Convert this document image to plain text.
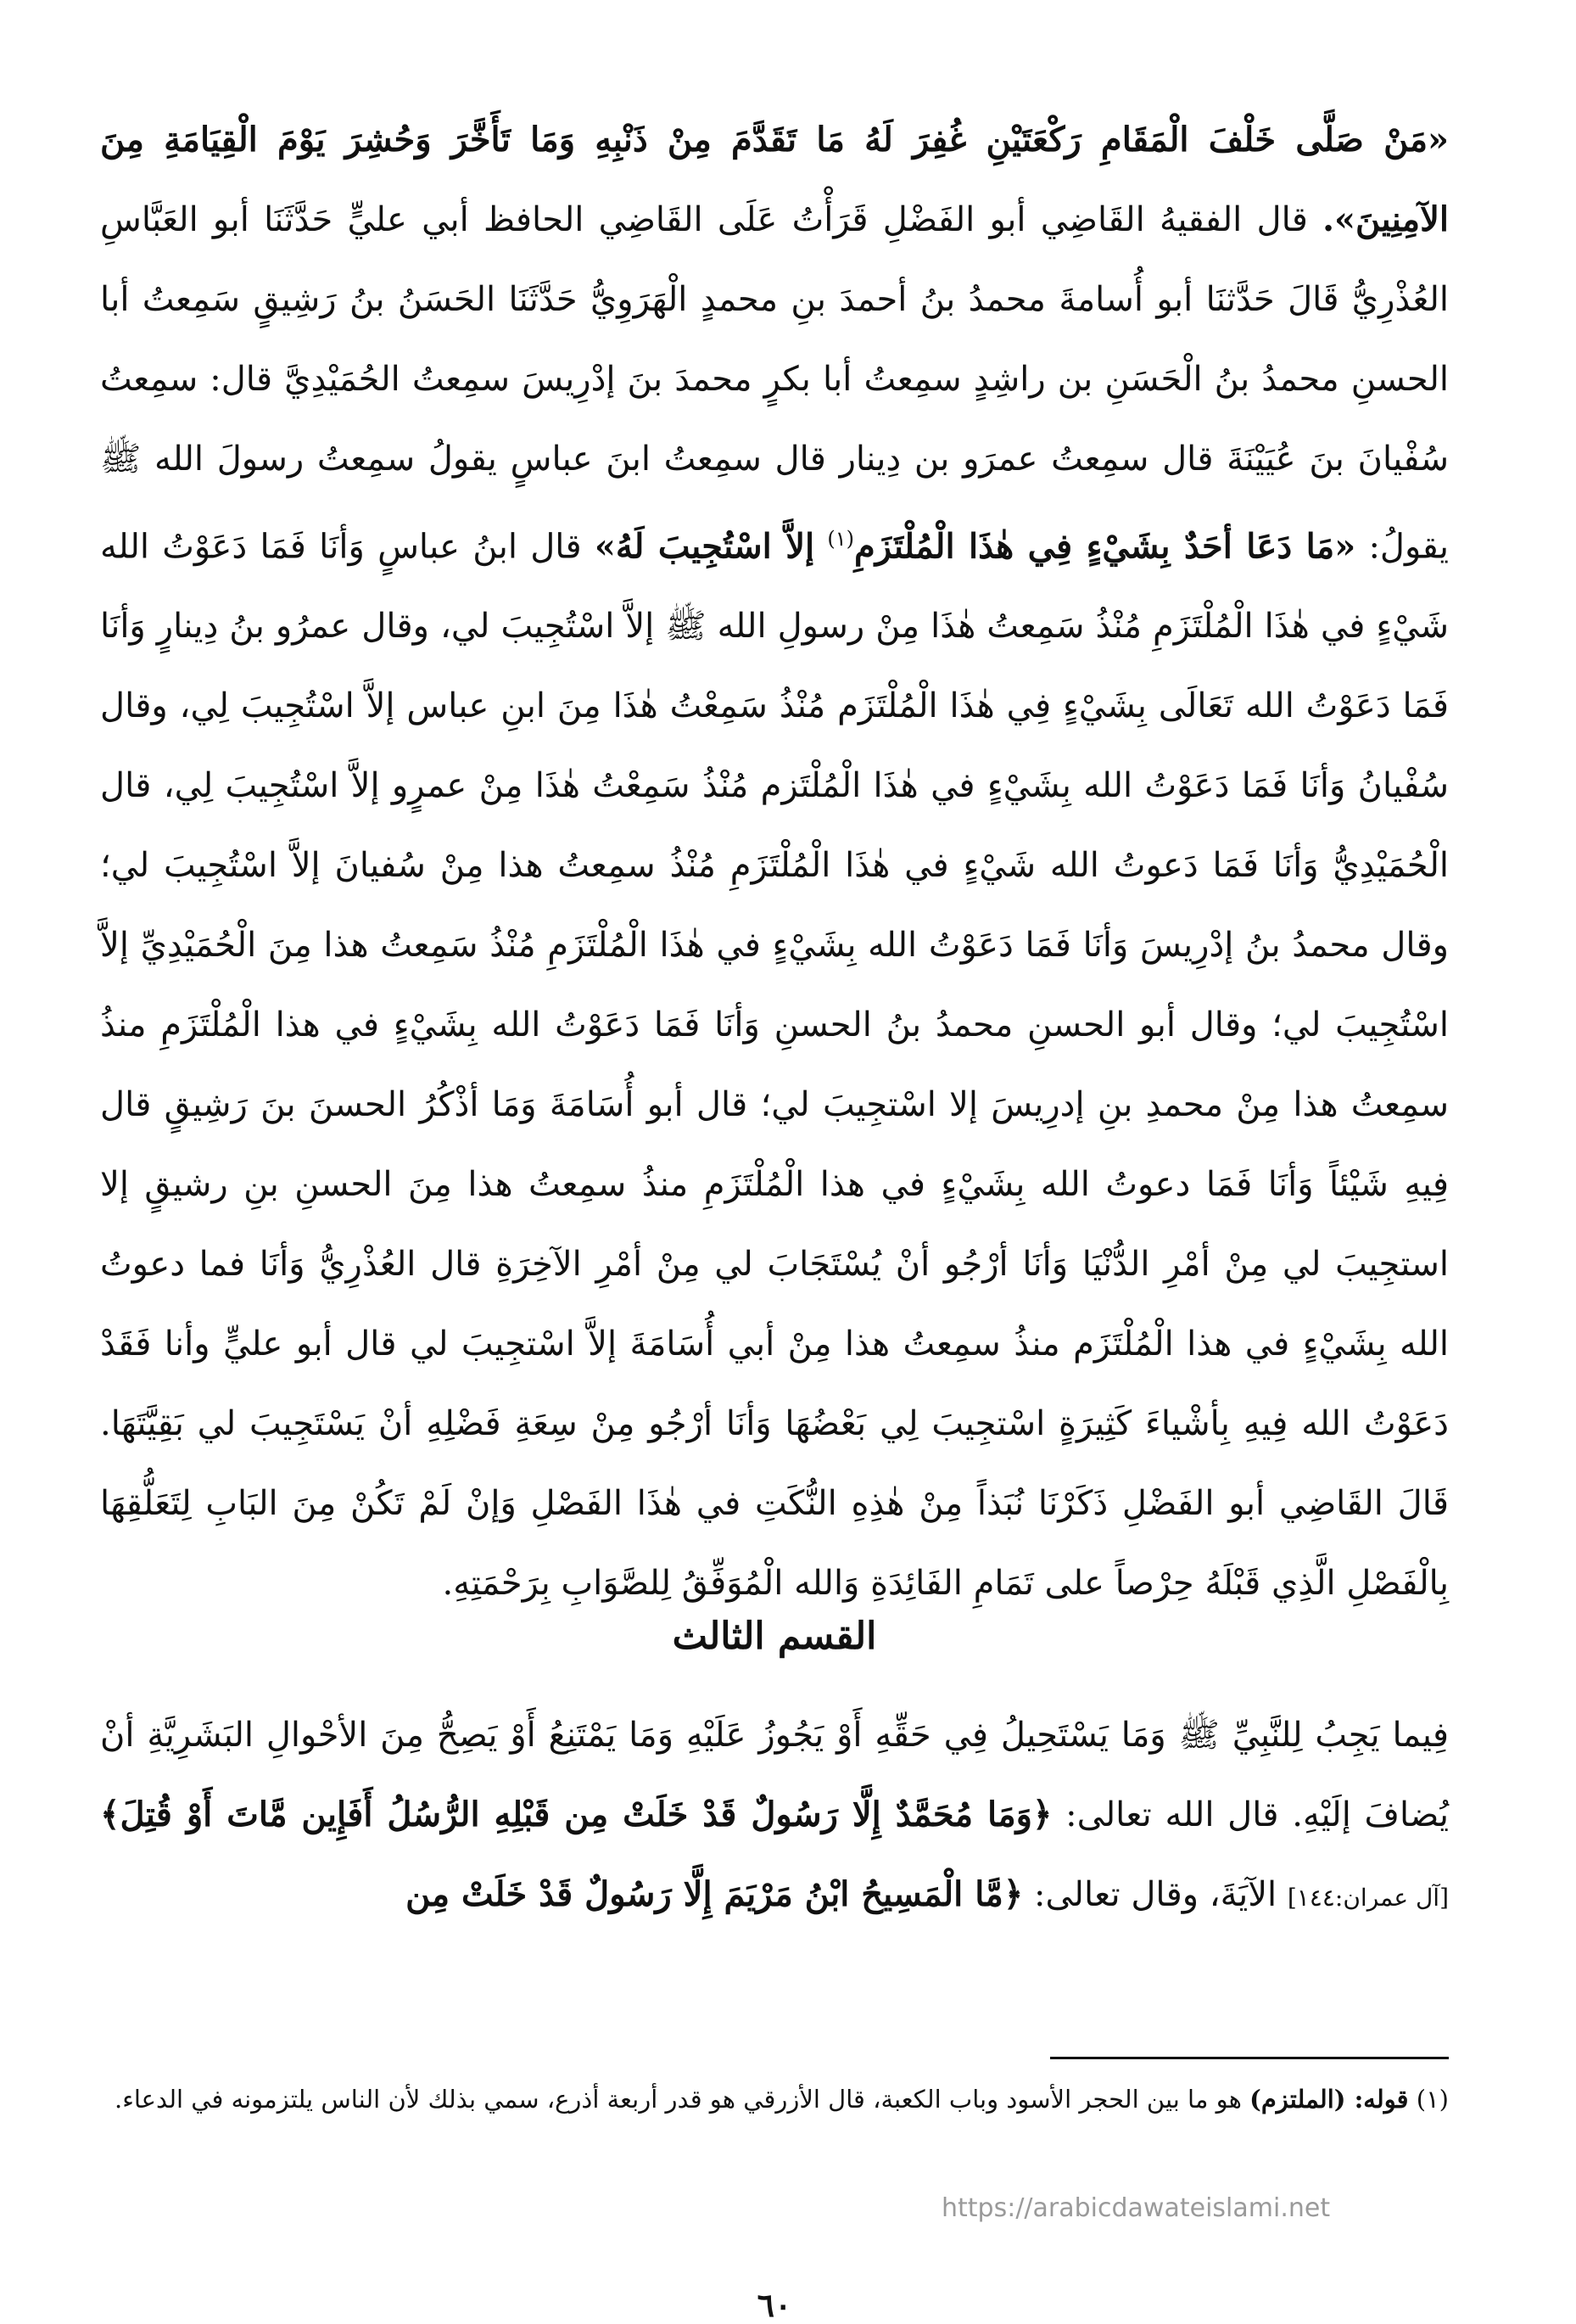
«مَنْ صَلَّى خَلْفَ الْمَقَامِ رَكْعَتَيْنِ غُفِرَ لَهُ مَا تَقَدَّمَ مِنْ ذَنْبِهِ وَمَا تَأَخَّرَ وَحُشِرَ يَوْمَ الْقِيَامَةِ مِنَ الآمِنِينَ». قال الفقيهُ القَاضِي أبو الفَضْلِ قَرَأْتُ عَلَى القَاضِي الحافظ أبي عليٍّ حَدَّثَنَا أبو العَبَّاسِ العُذْرِيُّ قَالَ حَدَّثنَا أبو أُسامةَ محمدُ بنُ أحمدَ بنِ محمدٍ الْهَرَوِيُّ حَدَّثَنَا الحَسَنُ بنُ رَشِيقٍ سَمِعتُ أبا الحسنِ محمدُ بنُ الْحَسَنِ بن راشِدٍ سمِعتُ أبا بكرٍ محمدَ بنَ إدْرِيسَ سمِعتُ الحُمَيْدِيَّ قال: سمِعتُ سُفْيانَ بنَ عُيَيْنَةَ قال سمِعتُ عمرَو بن دِينار قال سمِعتُ ابنَ عباسٍ يقولُ سمِعتُ رسولَ الله ﷺ يقولُ: «مَا دَعَا أحَدٌ بِشَيْءٍ فِي هٰذَا الْمُلْتَزَمِ$^{(١)}$ إلاَّ اسْتُجِيبَ لَهُ» قال ابنُ عباسٍ وَأنَا فَمَا دَعَوْتُ الله شَيْءٍ في هٰذَا الْمُلْتَزَمِ مُنْذُ سَمِعتُ هٰذَا مِنْ رسولِ الله ﷺ إلاَّ اسْتُجِيبَ لي، وقال عمرُو بنُ دِينارٍ وَأنَا فَمَا دَعَوْتُ الله تَعَالَى بِشَيْءٍ فِي هٰذَا الْمُلْتَزَم مُنْذُ سَمِعْتُ هٰذَا مِنَ ابنِ عباس إلاَّ اسْتُجِيبَ لِي، وقال سُفْيانُ وَأنَا فَمَا دَعَوْتُ الله بِشَيْءٍ في هٰذَا الْمُلْتَزم مُنْذُ سَمِعْتُ هٰذَا مِنْ عمرٍو إلاَّ اسْتُجِيبَ لِي، قال الْحُمَيْدِيُّ وَأنَا فَمَا دَعوتُ الله شَيْءٍ في هٰذَا الْمُلْتَزَمِ مُنْذُ سمِعتُ هذا مِنْ سُفيانَ إلاَّ اسْتُجِيبَ لي؛ وقال محمدُ بنُ إدْرِيسَ وَأنَا فَمَا دَعَوْتُ الله بِشَيْءٍ في هٰذَا الْمُلْتَزَمِ مُنْذُ سَمِعتُ هذا مِنَ الْحُمَيْدِيِّ إلاَّ اسْتُجِيبَ لي؛ وقال أبو الحسنِ محمدُ بنُ الحسنِ وَأنَا فَمَا دَعَوْتُ الله بِشَيْءٍ في هذا الْمُلْتَزَمِ منذُ سمِعتُ هذا مِنْ محمدِ بنِ إدرِيسَ إلا اسْتجِيبَ لي؛ قال أبو أُسَامَةَ وَمَا أذْكُرُ الحسنَ بنَ رَشِيقٍ قال فِيهِ شَيْئاً وَأنَا فَمَا دعوتُ الله بِشَيْءٍ في هذا الْمُلْتَزَمِ منذُ سمِعتُ هذا مِنَ الحسنِ بنِ رشيقٍ إلا استجِيبَ لي مِنْ أمْرِ الدُّنْيَا وَأنَا أرْجُو أنْ يُسْتَجَابَ لي مِنْ أمْرِ الآخِرَةِ قال العُذْرِيُّ وَأنَا فما دعوتُ الله بِشَيْءٍ في هذا الْمُلْتَزَم منذُ سمِعتُ هذا مِنْ أبي أُسَامَةَ إلاَّ اسْتجِيبَ لي قال أبو عليٍّ وأنا فَقَدْ دَعَوْتُ الله فِيهِ بِأشْياءَ كَثِيرَةٍ اسْتجِيبَ لِي بَعْضُهَا وَأنَا أرْجُو مِنْ سِعَةِ فَضْلِهِ أنْ يَسْتَجِيبَ لي بَقِيَّتَهَا. قَالَ القَاضِي أبو الفَضْلِ ذَكَرْنَا نُبَذاً مِنْ هٰذِهِ النُّكَتِ في هٰذَا الفَصْلِ وَإنْ لَمْ تَكُنْ مِنَ البَابِ لِتَعَلُّقِهَا بِالْفَصْلِ الَّذِي قَبْلَهُ حِرْصاً على تَمَامِ الفَائِدَةِ وَالله الْمُوَفِّقُ لِلصَّوَابِ بِرَحْمَتِهِ.

القسم الثالث

فِيما يَجِبُ لِلنَّبِيِّ ﷺ وَمَا يَسْتَحِيلُ فِي حَقِّهِ أَوْ يَجُوزُ عَلَيْهِ وَمَا يَمْتَنِعُ أَوْ يَصِحُّ مِنَ الأحْوالِ البَشَرِيَّةِ أنْ يُضافَ إلَيْهِ. قال الله تعالى: ﴿وَمَا مُحَمَّدٌ إِلَّا رَسُولٌ قَدْ خَلَتْ مِن قَبْلِهِ الرُّسُلُ أَفَإِين مَّاتَ أَوْ قُتِلَ﴾ [آل عمران:١٤٤] الآيَةَ، وقال تعالى: ﴿مَّا الْمَسِيحُ ابْنُ مَرْيَمَ إِلَّا رَسُولٌ قَدْ خَلَتْ مِن

(١) قوله: (الملتزم) هو ما بين الحجر الأسود وباب الكعبة، قال الأزرقي هو قدر أربعة أذرع، سمي بذلك لأن الناس يلتزمونه في الدعاء.

٦٠
https://arabicdawateislami.net
